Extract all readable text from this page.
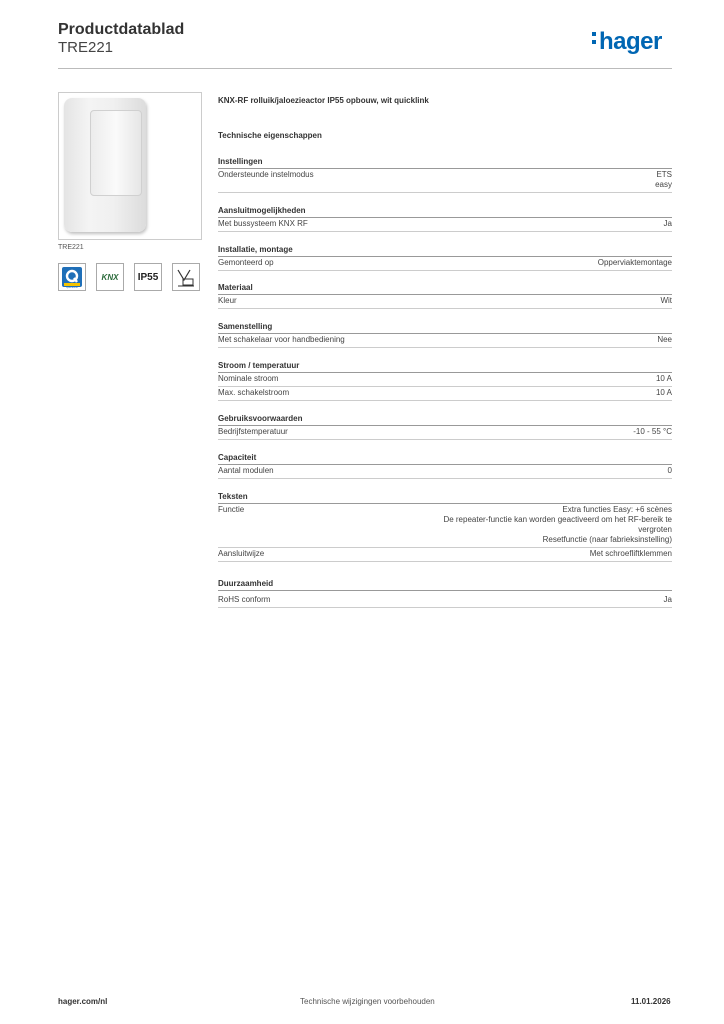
Productdatablad
TRE221	hager
TRE221
quicklink
KNX IP55
KNX-RF rolluik/jaloezieactor IP55 opbouw, wit quicklink
Technische eigenschappen
Instellingen
Ondersteunde instelmodus	ETS
easy
Aansluitmogelijkheden
Met bussysteem KNX RF	Ja
Installatie, montage
Gemonteerd op	Opperviaktemontage
Materiaal
Kleur	Wit
Samenstelling
Met schakelaar voor handbediening	Nee
Stroom / temperatuur
Nominale stroom	10 A
Max. schakelstroom	10 A
Gebruiksvoorwaarden
Bedrijfstemperatuur	-10 - 55 °C
Capaciteit
Aantal modulen	0
Teksten
Functie	Extra functies Easy: +6 scènes
De repeater-functie kan worden geactiveerd om het RF-bereik te
vergroten
Resetfunctie (naar fabrieksinstelling)
Aansluitwijze	Met schroefliftklemmen
Duurzaamheid
RoHS conform	Ja
hager.com/nl	Technische wijzigingen voorbehouden	11.01.2026
